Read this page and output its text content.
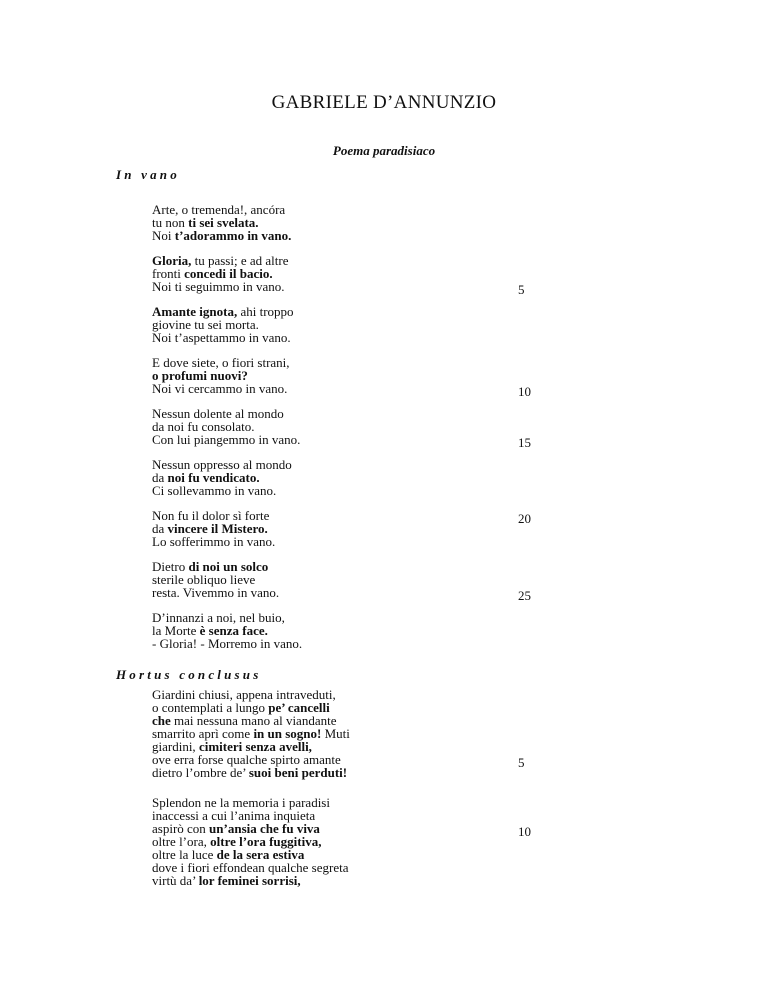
GABRIELE D’ANNUNZIO
Poema paradisiaco
In vano
Arte, o tremenda!, ancóra
tu non ti sei svelata.
Noi t’adorammo in vano.
Gloria, tu passi; e ad altre
fronti concedi il bacio.
Noi ti seguimmo in vano.	5
Amante ignota, ahi troppo
giovine tu sei morta.
Noi t’aspettammo in vano.
E dove siete, o fiori strani,
o profumi nuovi?
Noi vi cercammo in vano.	10
Nessun dolente al mondo
da noi fu consolato.
Con lui piangemmo in vano.	15
Nessun oppresso al mondo
da noi fu vendicato.
Ci sollevammo in vano.
Non fu il dolor sì forte
da vincere il Mistero.
Lo sofferimmo in vano.
20
Dietro di noi un solco
sterile obliquo lieve
resta. Vivemmo in vano.	25
D’innanzi a noi, nel buio,
la Morte è senza face.
- Gloria! - Morremo in vano.
Hortus conclusus
Giardini chiusi, appena intraveduti,
o contemplati a lungo pe’ cancelli
che mai nessuna mano al viandante
smarrito aprì come in un sogno! Muti
giardini, cimiteri senza avelli,
ove erra forse qualche spirto amante
dietro l’ombre de’ suoi beni perduti!
5
Splendon ne la memoria i paradisi
inaccessi a cui l’anima inquieta
aspirò con un’ansia che fu viva
oltre l’ora, oltre l’ora fuggitiva,
oltre la luce de la sera estiva
dove i fiori effondean qualche segreta
virtù da’ lor feminei sorrisi,
10
